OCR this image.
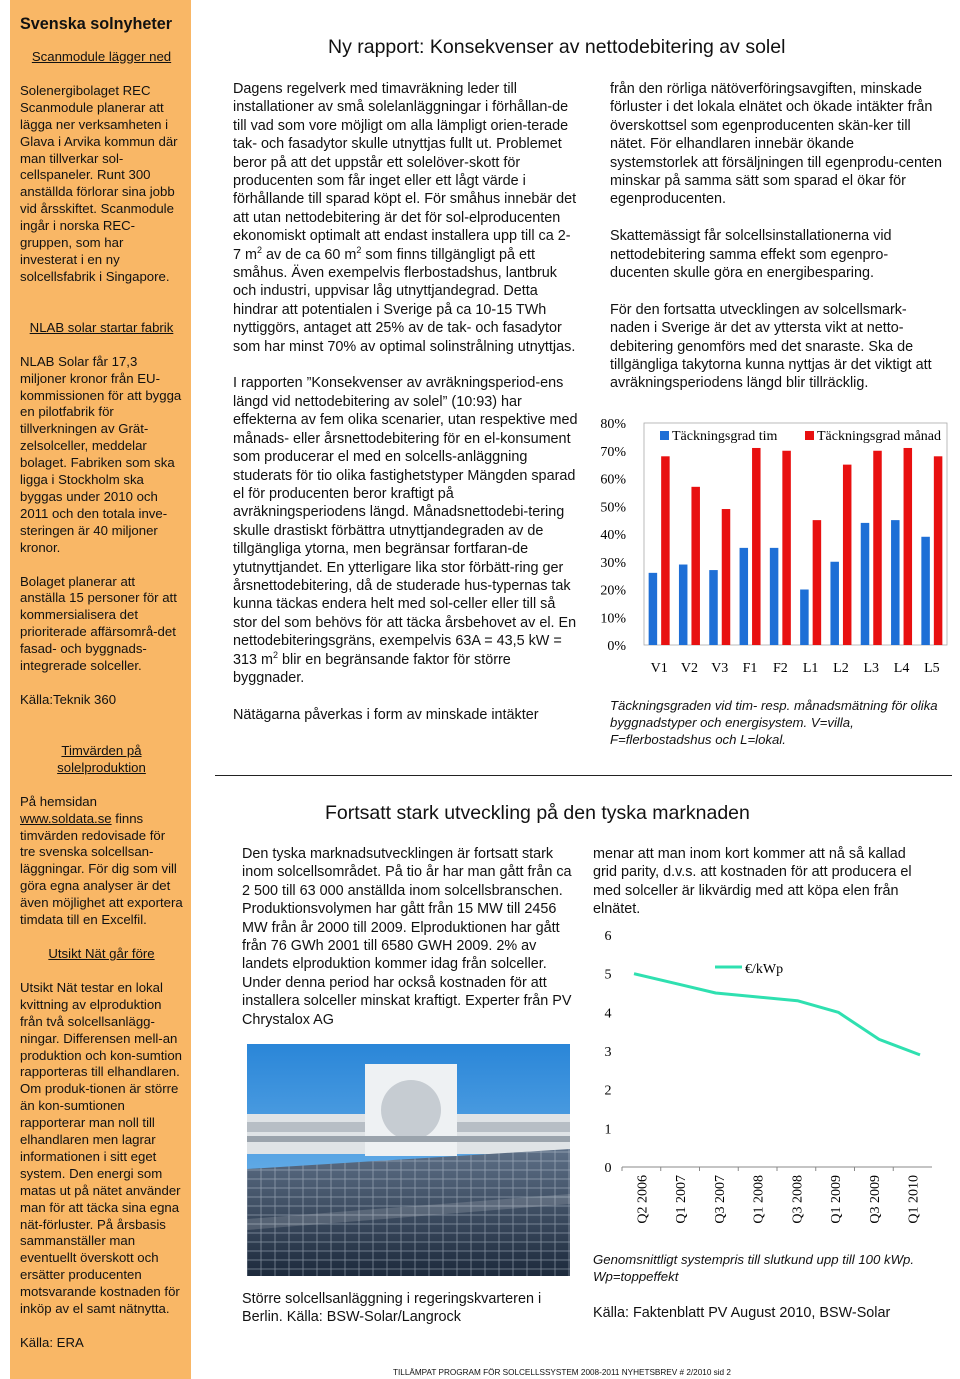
Svenska solnyheter
Scanmodule lägger ned
Solenergibolaget REC Scanmodule planerar att lägga ner verksamheten i Glava i Arvika kommun där man tillverkar sol-cellspaneler. Runt 300 anställda förlorar sina jobb vid årsskiftet. Scanmodule ingår i norska REC-gruppen, som har investerat i en ny solcellsfabrik i Singapore.
NLAB solar startar fabrik
NLAB Solar får 17,3 miljoner kronor från EU-kommissionen för att bygga en pilotfabrik för tillverkningen av Grät-zelsolceller, meddelar bolaget. Fabriken som ska ligga i Stockholm ska byggas under 2010 och 2011 och den totala inve-steringen är 40 miljoner kronor.
Bolaget planerar att anställa 15 personer för att kommersialisera det prioriterade affärsområ-det fasad- och byggnads-integrerade solceller.
Källa:Teknik 360
Timvärden på solelproduktion
På hemsidan
www.soldata.se finns timvärden redovisade för tre svenska solcellsan-läggningar. För dig som vill göra egna analyser är det även möjlighet att exportera timdata till en Excelfil.
Utsikt Nät går före
Utsikt Nät testar en lokal kvittning av elproduktion från två solcellsanlägg-ningar. Differensen mell-an produktion och kon-sumtion rapporteras till elhandlaren. Om produk-tionen är större än kon-sumtionen rapporterar man noll till elhandlaren men lagrar informationen i sitt eget system. Den energi som matas ut på nätet använder man för att täcka sina egna nät-förluster. På årsbasis sammanställer man eventuellt överskott och ersätter producenten motsvarande kostnaden för inköp av el samt nätnytta.
Källa: ERA
Ny rapport: Konsekvenser av nettodebitering av solel

Dagens regelverk med timavräkning leder till installationer av små solelanläggningar i förhållan-de till vad som vore möjligt om alla lämpligt orien-terade tak- och fasadytor skulle utnyttjas fullt ut. Problemet beror på att det uppstår ett solelöver-skott för producenten som får inget eller ett lågt värde i förhållande till sparad köpt el. För småhus innebär det att utan nettodebitering är det för sol-elproducenten ekonomiskt optimalt att endast installera upp till ca 2-7 $m^2$ av de ca 60 $m^2$ som finns tillgängligt på ett småhus. Även exempelvis flerbostadshus, lantbruk och industri, uppvisar låg utnyttjandegrad. Detta hindrar att potentialen i Sverige på ca 10-15 TWh nyttiggörs, antaget att 25% av de tak- och fasadytor som har minst 70% av optimal solinstrålning utnyttjas.

I rapporten ”Konsekvenser av avräkningsperiod-ens längd vid nettodebitering av solel” (10:93) har effekterna av fem olika scenarier, utan respektive med månads- eller årsnettodebitering för en el-konsument som producerar el med en solcells-anläggning studerats för tio olika fastighetstyper Mängden sparad el för producenten beror kraftigt på avräkningsperiodens längd. Månadsnettodebi-tering skulle drastiskt förbättra utnyttjandegraden av de tillgängliga ytorna, men begränsar fortfaran-de ytutnyttjandet. En ytterligare lika stor förbätt-ring ger årsnettodebitering, då de studerade hus-typernas tak kunna täckas endera helt med sol-celler eller till så stor del som behövs för att täcka årsbehovet av el. En nettodebiteringsgräns, exempelvis 63A = 43,5 kW = 313 $m^2$ blir en begränsande faktor för större byggnader.

Nätägarna påverkas i form av minskade intäkter

från den rörliga nätöverföringsavgiften, minskade förluster i det lokala elnätet och ökade intäkter från överskottsel som egenproducenten skän-ker till nätet. För elhandlaren innebär ökande systemstorlek att försäljningen till egenprodu-centen minskar på samma sätt som sparad el ökar för egenproducenten.

Skattemässigt får solcellsinstallationerna vid nettodebitering samma effekt som egenpro-ducenten skulle göra en energibesparing.

För den fortsatta utvecklingen av solcellsmark-naden i Sverige är det av yttersta vikt at netto-debitering genomförs med det snaraste. Ska de tillgängliga takytorna kunna nyttjas är det viktigt att avräkningsperiodens längd blir tillräcklig.

0%
10%
20%
30%
40%
50%
60%
70%
80%
V1 V2 V3 F1 F2 L1 L2 L3 L4 L5
Täckningsgrad tim	Täckningsgrad månad
Täckningsgraden vid tim- resp. månadsmätning för olika byggnadstyper och energisystem. V=villa, F=flerbostadshus och L=lokal.
Fortsatt stark utveckling på den tyska marknaden

Den tyska marknadsutvecklingen är fortsatt stark inom solcellsområdet. På tio år har man gått från ca 2 500 till 63 000 anställda inom solcellsbranschen. Produktionsvolymen har gått från 15 MW till 2456 MW från år 2000 till 2009. Elproduktionen har gått från 76 GWh 2001 till 6580 GWH 2009. 2% av landets elproduktion kommer idag från solceller. Under denna period har också kostnaden för att installera solceller minskat kraftigt. Experter från PV Chrystalox AG

menar att man inom kort kommer att nå så kallad grid parity, d.v.s. att kostnaden för att producera el med solceller är likvärdig med att köpa elen från elnätet.

Större solcellsanläggning i regeringskvarteren i Berlin. Källa: BSW-Solar/Langrock
0
1
2
3
4
5
6
Q2 2006 Q1 2007 Q3 2007 Q1 2008 Q3 2008 Q1 2009 Q3 2009 Q1 2010
€/kWp
Genomsnittligt systempris till slutkund upp till 100 kWp. Wp=toppeffekt
Källa: Faktenblatt PV August 2010, BSW-Solar
TILLÄMPAT PROGRAM FÖR SOLCELLSSYSTEM 2008-2011 NYHETSBREV # 2/2010 sid 2
